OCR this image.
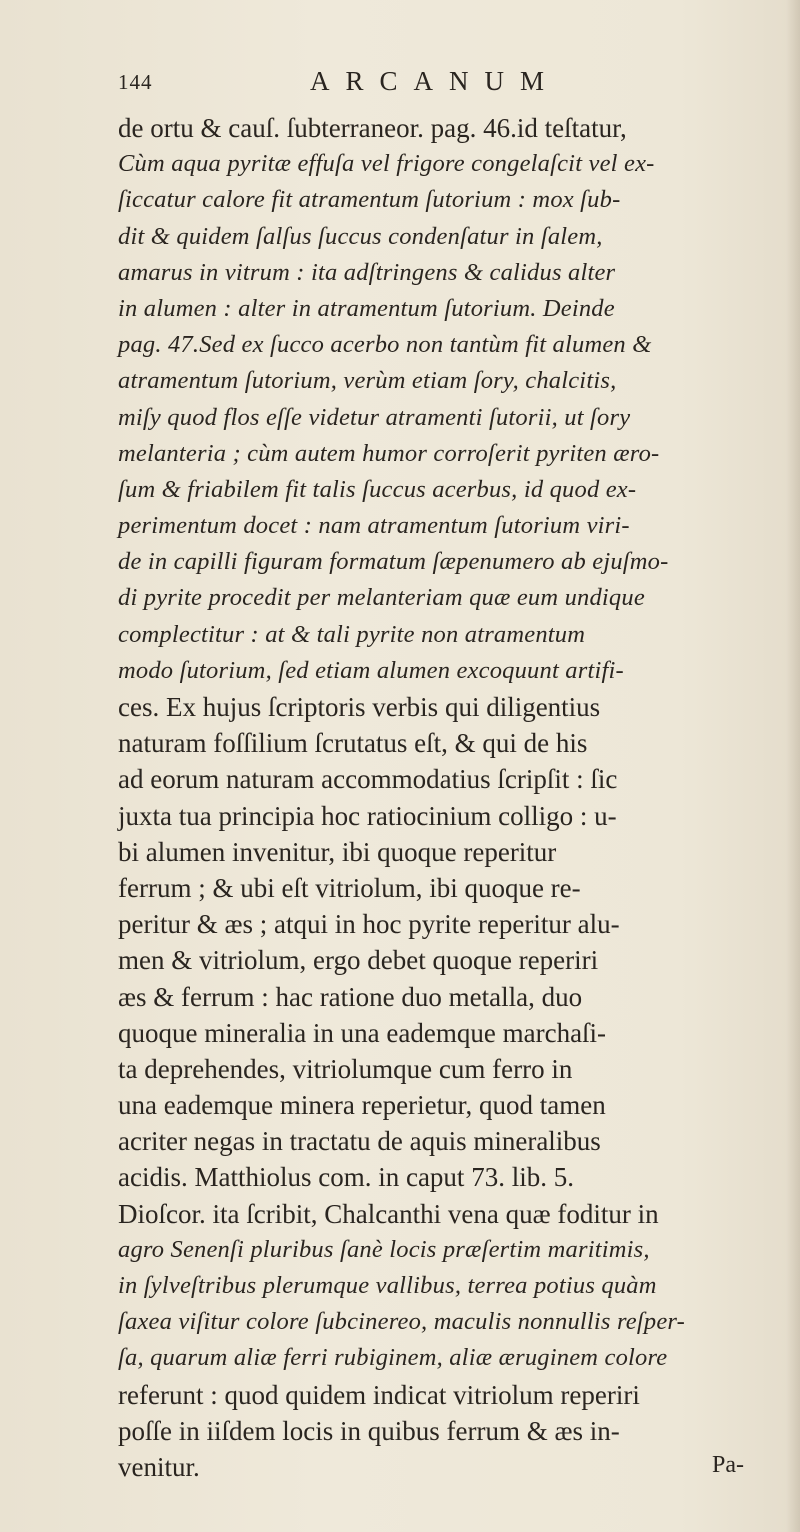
144	ARCANUM
de ortu & cauſ. ſubterraneor. pag. 46.id teſtatur,
Cùm aqua pyritæ effuſa vel frigore congelaſcit vel ex-
ſiccatur calore fit atramentum ſutorium : mox ſub-
dit & quidem ſalſus ſuccus condenſatur in ſalem,
amarus in vitrum : ita adſtringens & calidus alter
in alumen : alter in atramentum ſutorium. Deinde
pag. 47.Sed ex ſucco acerbo non tantùm fit alumen &
atramentum ſutorium, verùm etiam ſory, chalcitis,
miſy quod flos eſſe videtur atramenti ſutorii, ut ſory
melanteria ; cùm autem humor corroſerit pyriten æro-
ſum & friabilem fit talis ſuccus acerbus, id quod ex-
perimentum docet : nam atramentum ſutorium viri-
de in capilli figuram formatum ſæpenumero ab ejuſmo-
di pyrite procedit per melanteriam quæ eum undique
complectitur : at & tali pyrite non atramentum
modo ſutorium, ſed etiam alumen excoquunt artifi-
ces. Ex hujus ſcriptoris verbis qui diligentius
naturam foſſilium ſcrutatus eſt, & qui de his
ad eorum naturam accommodatius ſcripſit : ſic
juxta tua principia hoc ratiocinium colligo : u-
bi alumen invenitur, ibi quoque reperitur
ferrum ; & ubi eſt vitriolum, ibi quoque re-
peritur & æs ; atqui in hoc pyrite reperitur alu-
men & vitriolum, ergo debet quoque reperiri
æs & ferrum : hac ratione duo metalla, duo
quoque mineralia in una eademque marchaſi-
ta deprehendes, vitriolumque cum ferro in
una eademque minera reperietur, quod tamen
acriter negas in tractatu de aquis mineralibus
acidis. Matthiolus com. in caput 73. lib. 5.
Dioſcor. ita ſcribit, Chalcanthi vena quæ foditur in
agro Senenſi pluribus ſanè locis præſertim maritimis,
in ſylveſtribus plerumque vallibus, terrea potius quàm
ſaxea viſitur colore ſubcinereo, maculis nonnullis reſper-
ſa, quarum aliæ ferri rubiginem, aliæ æruginem colore
referunt : quod quidem indicat vitriolum reperiri
poſſe in iiſdem locis in quibus ferrum & æs in-
venitur.	Pa-
